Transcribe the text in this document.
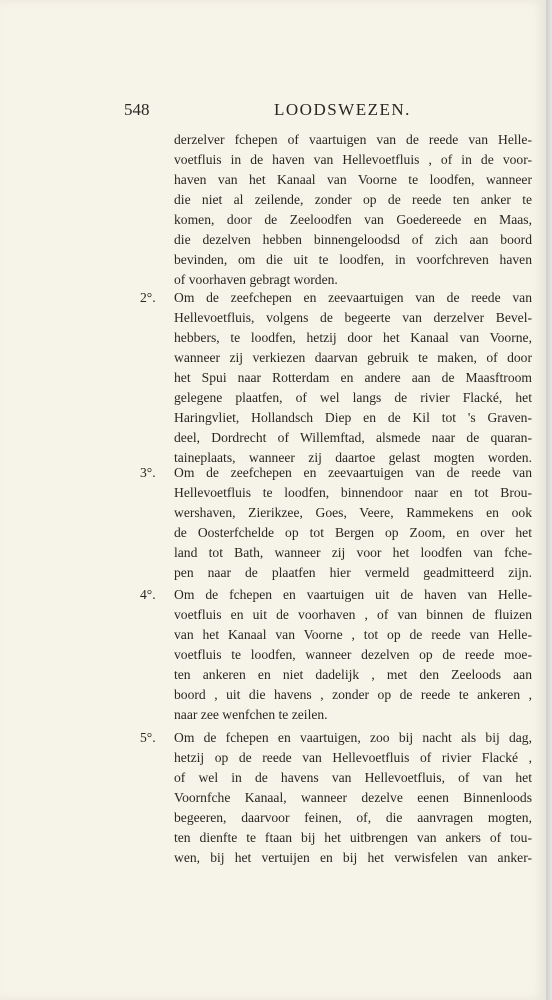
548	LOODSWEZEN.
derzelver fchepen of vaartuigen van de reede van Helle-
voetfluis in de haven van Hellevoetfluis , of in de voor-
haven van het Kanaal van Voorne te loodfen, wanneer
die niet al zeilende, zonder op de reede ten anker te
komen, door de Zeeloodfen van Goedereede en Maas,
die dezelven hebben binnengeloodsd of zich aan boord
bevinden, om die uit te loodfen, in voorfchreven haven
of voorhaven gebragt worden.
2°.	Om de zeefchepen en zeevaartuigen van de reede van
Hellevoetfluis, volgens de begeerte van derzelver Bevel-
hebbers, te loodfen, hetzij door het Kanaal van Voorne,
wanneer zij verkiezen daarvan gebruik te maken, of door
het Spui naar Rotterdam en andere aan de Maasftroom
gelegene plaatfen, of wel langs de rivier Flacké, het
Haringvliet, Hollandsch Diep en de Kil tot 's Graven-
deel, Dordrecht of Willemftad, alsmede naar de quaran-
taineplaats, wanneer zij daartoe gelast mogten worden.
3°.	Om de zeefchepen en zeevaartuigen van de reede van
Hellevoetfluis te loodfen, binnendoor naar en tot Brou-
wershaven, Zierikzee, Goes, Veere, Rammekens en ook
de Oosterfchelde op tot Bergen op Zoom, en over het
land tot Bath, wanneer zij voor het loodfen van fche-
pen naar de plaatfen hier vermeld geadmitteerd zijn.
4°.	Om de fchepen en vaartuigen uit de haven van Helle-
voetfluis en uit de voorhaven , of van binnen de fluizen
van het Kanaal van Voorne , tot op de reede van Helle-
voetfluis te loodfen, wanneer dezelven op de reede moe-
ten ankeren en niet dadelijk , met den Zeeloods aan
boord , uit die havens , zonder op de reede te ankeren ,
naar zee wenfchen te zeilen.
5°.	Om de fchepen en vaartuigen, zoo bij nacht als bij dag,
hetzij op de reede van Hellevoetfluis of rivier Flacké ,
of wel in de havens van Hellevoetfluis, of van het
Voornfche Kanaal, wanneer dezelve eenen Binnenloods
begeeren, daarvoor feinen, of, die aanvragen mogten,
ten dienfte te ftaan bij het uitbrengen van ankers of tou-
wen, bij het vertuijen en bij het verwisfelen van anker-
